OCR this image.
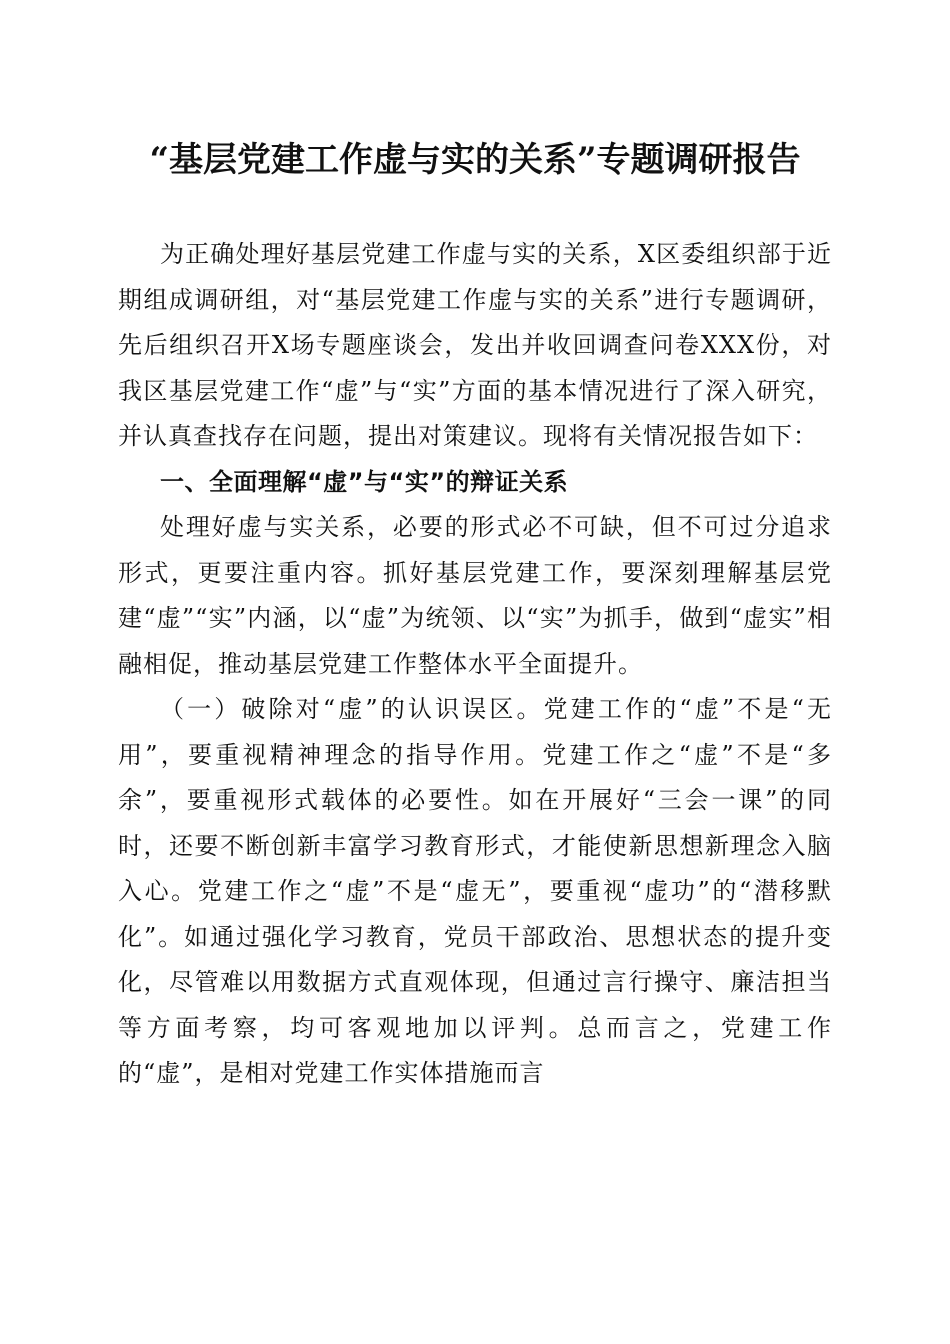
“基层党建工作虚与实的关系”专题调研报告

为正确处理好基层党建工作虚与实的关系，X区委组织部于近期组成调研组，对“基层党建工作虚与实的关系”进行专题调研，先后组织召开X场专题座谈会，发出并收回调查问卷XXX份，对我区基层党建工作“虚”与“实”方面的基本情况进行了深入研究，并认真查找存在问题，提出对策建议。现将有关情况报告如下：

一、全面理解“虚”与“实”的辩证关系

处理好虚与实关系，必要的形式必不可缺，但不可过分追求形式，更要注重内容。抓好基层党建工作，要深刻理解基层党建“虚”“实”内涵，以“虚”为统领、以“实”为抓手，做到“虚实”相融相促，推动基层党建工作整体水平全面提升。

（一）破除对“虚”的认识误区。党建工作的“虚”不是“无用”，要重视精神理念的指导作用。党建工作之“虚”不是“多余”，要重视形式载体的必要性。如在开展好“三会一课”的同时，还要不断创新丰富学习教育形式，才能使新思想新理念入脑入心。党建工作之“虚”不是“虚无”，要重视“虚功”的“潜移默化”。如通过强化学习教育，党员干部政治、思想状态的提升变化，尽管难以用数据方式直观体现，但通过言行操守、廉洁担当等方面考察，均可客观地加以评判。总而言之，党建工作的“虚”，是相对党建工作实体措施而言
